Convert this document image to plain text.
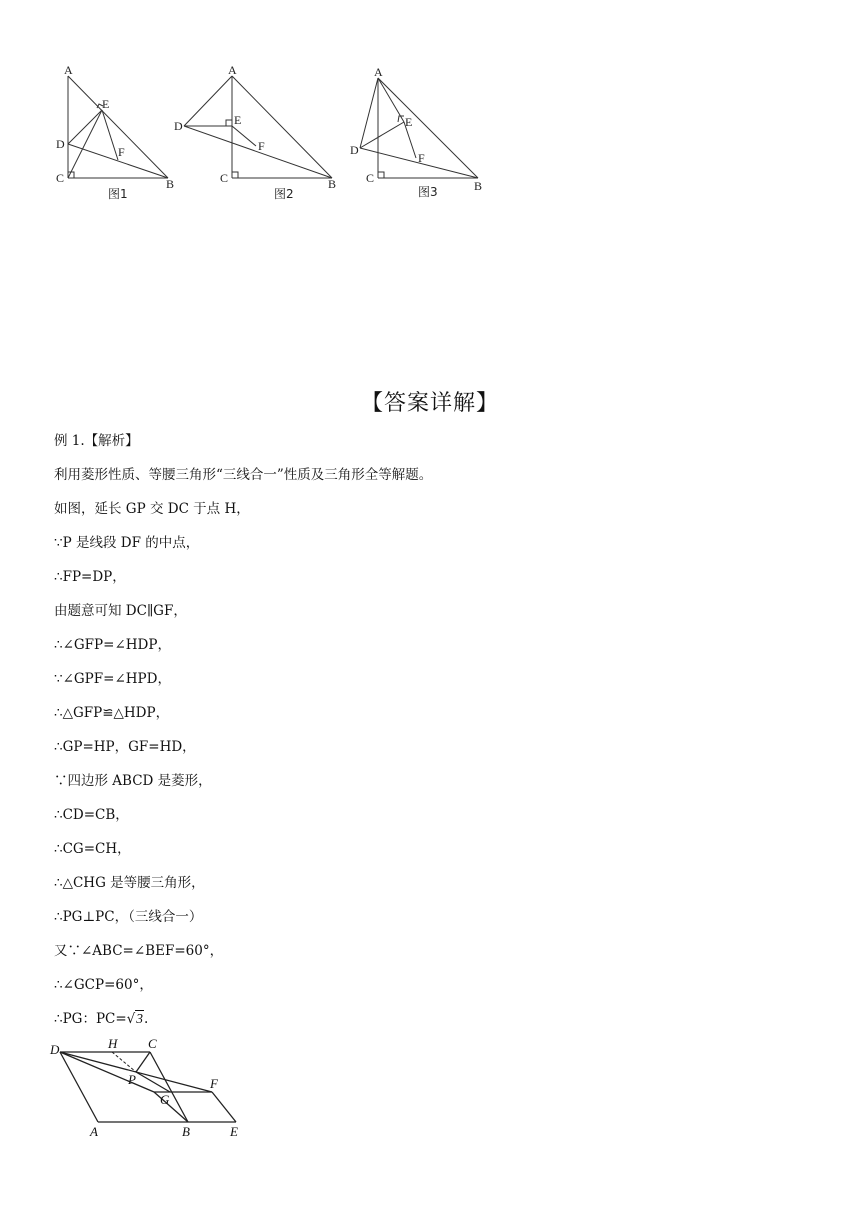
A
B
C
D
E
F
图1
A
B
C
D	E
F
图2
A
B
C
D
E
F
图3
【答案详解】
例 1.【解析】
利用菱形性质、等腰三角形“三线合一”性质及三角形全等解题。
如图，延长 GP 交 DC 于点 H，
∵P 是线段 DF 的中点，
∴FP=DP，
由题意可知 DC∥GF，
∴∠GFP=∠HDP，
∵∠GPF=∠HPD，
∴△GFP≌△HDP，
∴GP=HP，GF=HD，
∵四边形 ABCD 是菱形，
∴CD=CB，
∴CG=CH，
∴△CHG 是等腰三角形，
∴PG⊥PC，（三线合一）
又∵∠ABC=∠BEF=60°，
∴∠GCP=60°，
∴PG：PC=√3.
D	H C
P	F
G
A	B	E
